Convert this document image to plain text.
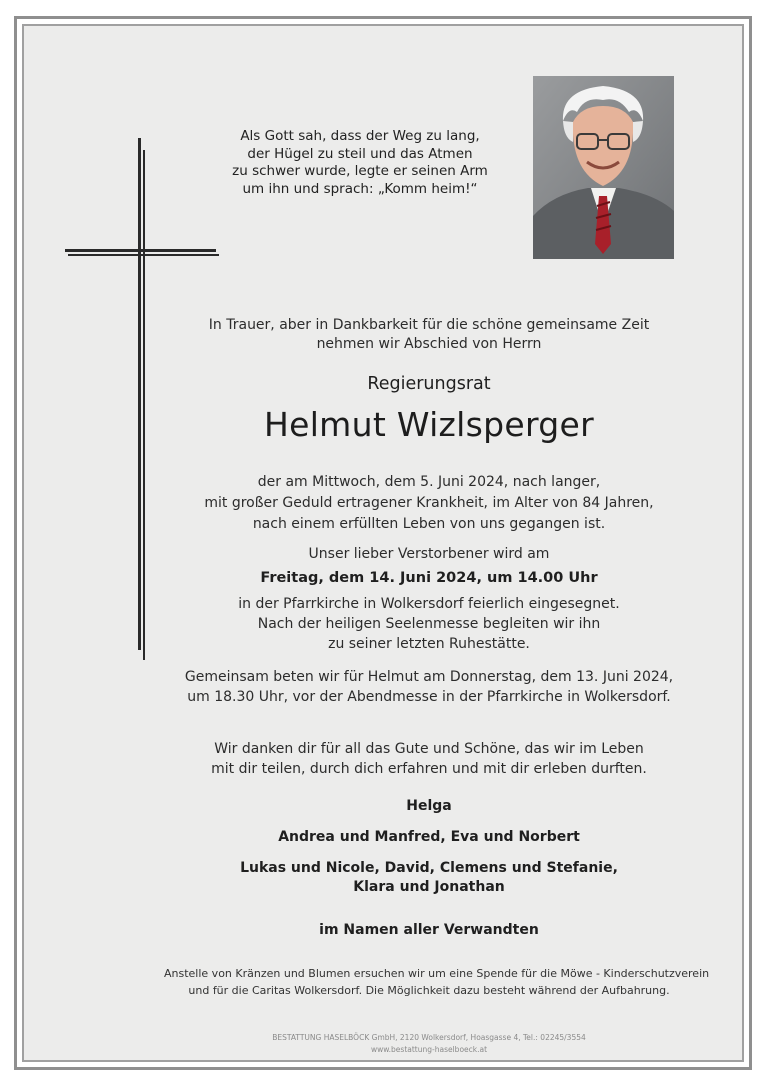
Als Gott sah, dass der Weg zu lang,
der Hügel zu steil und das Atmen
zu schwer wurde, legte er seinen Arm
um ihn und sprach: „Komm heim!“
In Trauer, aber in Dankbarkeit für die schöne gemeinsame Zeit
nehmen wir Abschied von Herrn
Regierungsrat
Helmut Wizlsperger
der am Mittwoch, dem 5. Juni 2024, nach langer,
mit großer Geduld ertragener Krankheit, im Alter von 84 Jahren,
nach einem erfüllten Leben von uns gegangen ist.
Unser lieber Verstorbener wird am
Freitag, dem 14. Juni 2024, um 14.00 Uhr
in der Pfarrkirche in Wolkersdorf feierlich eingesegnet.
Nach der heiligen Seelenmesse begleiten wir ihn
zu seiner letzten Ruhestätte.
Gemeinsam beten wir für Helmut am Donnerstag, dem 13. Juni 2024,
um 18.30 Uhr, vor der Abendmesse in der Pfarrkirche in Wolkersdorf.
Wir danken dir für all das Gute und Schöne, das wir im Leben
mit dir teilen, durch dich erfahren und mit dir erleben durften.
Helga
Andrea und Manfred, Eva und Norbert
Lukas und Nicole, David, Clemens und Stefanie,
Klara und Jonathan
im Namen aller Verwandten
Anstelle von Kränzen und Blumen ersuchen wir um eine Spende für die Möwe - Kinderschutzverein
und für die Caritas Wolkersdorf. Die Möglichkeit dazu besteht während der Aufbahrung.
BESTATTUNG HASELBÖCK GmbH, 2120 Wolkersdorf, Hoasgasse 4, Tel.: 02245/3554
www.bestattung-haselboeck.at
